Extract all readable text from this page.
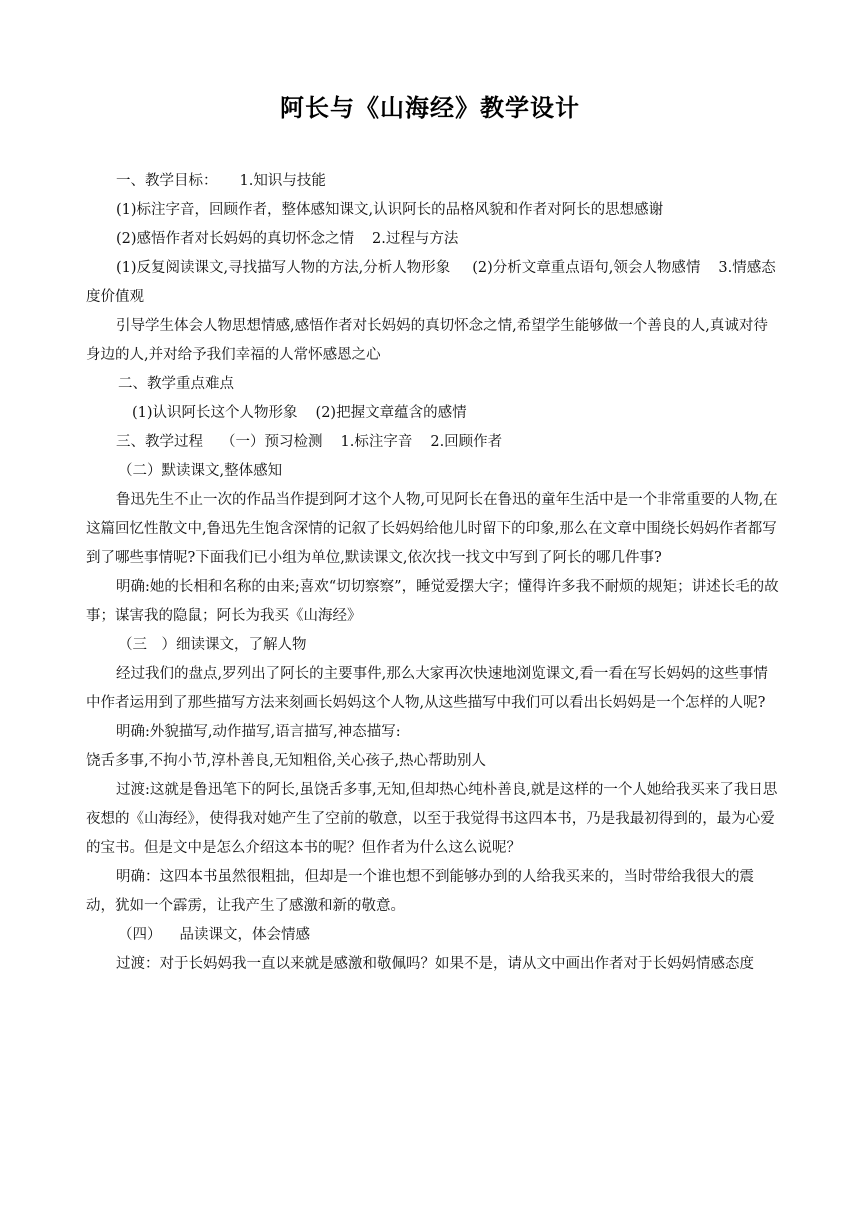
阿长与《山海经》教学设计

一、教学目标： 1.知识与技能

(1)标注字音，回顾作者，整体感知课文,认识阿长的品格风貌和作者对阿长的思想感谢

(2)感悟作者对长妈妈的真切怀念之情 2.过程与方法

(1)反复阅读课文,寻找描写人物的方法,分析人物形象 (2)分析文章重点语句,领会人物感情 3.情感态度价值观

引导学生体会人物思想情感,感悟作者对长妈妈的真切怀念之情,希望学生能够做一个善良的人,真诚对待身边的人,并对给予我们幸福的人常怀感恩之心

二、教学重点难点

(1)认识阿长这个人物形象 (2)把握文章蕴含的感情

三、教学过程 （一）预习检测 1.标注字音 2.回顾作者

（二）默读课文,整体感知

鲁迅先生不止一次的作品当作提到阿才这个人物,可见阿长在鲁迅的童年生活中是一个非常重要的人物,在这篇回忆性散文中,鲁迅先生饱含深情的记叙了长妈妈给他儿时留下的印象,那么在文章中围绕长妈妈作者都写到了哪些事情呢?下面我们已小组为单位,默读课文,依次找一找文中写到了阿长的哪几件事?

明确:她的长相和名称的由来;喜欢“切切察察”，睡觉爱摆大字；懂得许多我不耐烦的规矩；讲述长毛的故事；谋害我的隐鼠；阿长为我买《山海经》

（三　）细读课文，了解人物

经过我们的盘点,罗列出了阿长的主要事件,那么大家再次快速地浏览课文,看一看在写长妈妈的这些事情中作者运用到了那些描写方法来刻画长妈妈这个人物,从这些描写中我们可以看出长妈妈是一个怎样的人呢?

明确:外貌描写,动作描写,语言描写,神态描写:

饶舌多事,不拘小节,淳朴善良,无知粗俗,关心孩子,热心帮助别人

过渡:这就是鲁迅笔下的阿长,虽饶舌多事,无知,但却热心纯朴善良,就是这样的一个人她给我买来了我日思夜想的《山海经》，使得我对她产生了空前的敬意，以至于我觉得书这四本书，乃是我最初得到的，最为心爱的宝书。但是文中是怎么介绍这本书的呢？但作者为什么这么说呢？

明确：这四本书虽然很粗拙，但却是一个谁也想不到能够办到的人给我买来的，当时带给我很大的震动，犹如一个霹雳，让我产生了感激和新的敬意。

（四） 品读课文，体会情感

过渡：对于长妈妈我一直以来就是感激和敬佩吗？如果不是，请从文中画出作者对于长妈妈情感态度
